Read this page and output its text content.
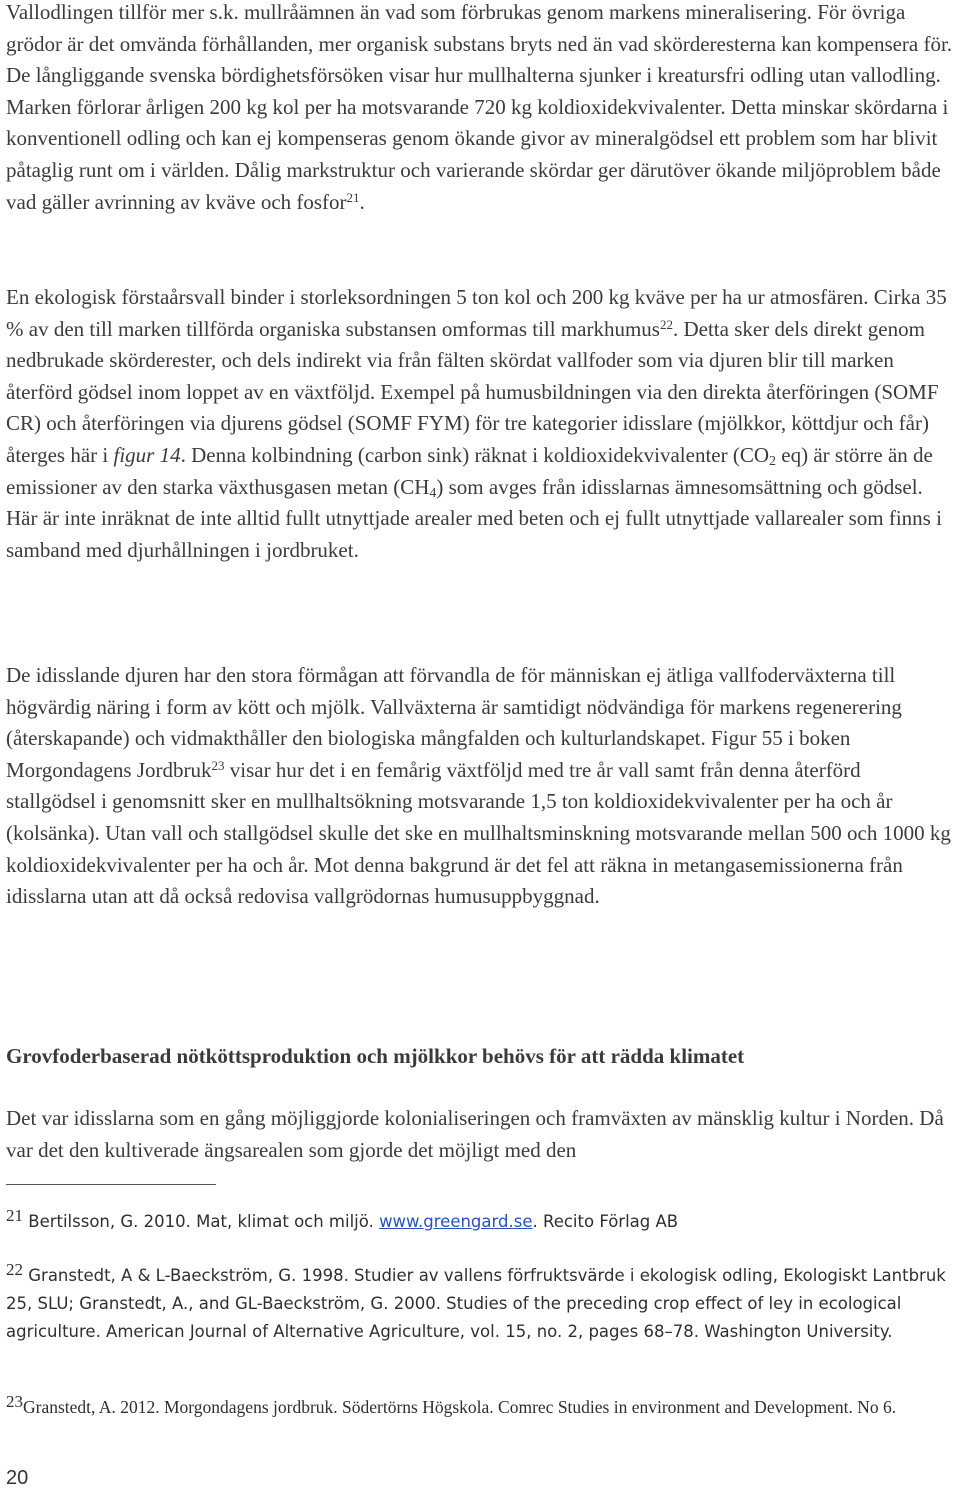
Vallodlingen tillför mer s.k. mullråämnen än vad som förbrukas genom markens mineralisering. För övriga grödor är det omvända förhållanden, mer organisk substans bryts ned än vad skörderesterna kan kompensera för. De långliggande svenska bördighetsförsöken visar hur mullhalterna sjunker i kreatursfri odling utan vallodling. Marken förlorar årligen 200 kg kol per ha motsvarande 720 kg koldioxidekvivalenter. Detta minskar skördarna i konventionell odling och kan ej kompenseras genom ökande givor av mineralgödsel ett problem som har blivit påtaglig runt om i världen. Dålig markstruktur och varierande skördar ger därutöver ökande miljöproblem både vad gäller avrinning av kväve och fosfor$^{21}$.

En ekologisk förstaårsvall binder i storleksordningen 5 ton kol och 200 kg kväve per ha ur atmosfären. Cirka 35 % av den till marken tillförda organiska substansen omformas till markhumus$^{22}$. Detta sker dels direkt genom nedbrukade skörderester, och dels indirekt via från fälten skördat vallfoder som via djuren blir till marken återförd gödsel inom loppet av en växtföljd. Exempel på humusbildningen via den direkta återföringen (SOMF CR) och återföringen via djurens gödsel (SOMF FYM) för tre kategorier idisslare (mjölkkor, köttdjur och får) återges här i figur 14. Denna kolbindning (carbon sink) räknat i koldioxidekvivalenter ($CO_2$ eq) är större än de emissioner av den starka växthusgasen metan $(CH_4)$ som avges från idisslarnas ämnesomsättning och gödsel. Här är inte inräknat de inte alltid fullt utnyttjade arealer med beten och ej fullt utnyttjade vallarealer som finns i samband med djurhållningen i jordbruket.

De idisslande djuren har den stora förmågan att förvandla de för människan ej ätliga vallfoderväxterna till högvärdig näring i form av kött och mjölk. Vallväxterna är samtidigt nödvändiga för markens regenerering (återskapande) och vidmakthåller den biologiska mångfalden och kulturlandskapet. Figur 55 i boken Morgondagens Jordbruk$^{23}$ visar hur det i en femårig växtföljd med tre år vall samt från denna återförd stallgödsel i genomsnitt sker en mullhaltsökning motsvarande 1,5 ton koldioxidekvivalenter per ha och år (kolsänka). Utan vall och stallgödsel skulle det ske en mullhaltsminskning motsvarande mellan 500 och 1000 kg koldioxidekvivalenter per ha och år. Mot denna bakgrund är det fel att räkna in metangasemissionerna från idisslarna utan att då också redovisa vallgrödornas humusuppbyggnad.

Grovfoderbaserad nötköttsproduktion och mjölkkor behövs för att rädda klimatet

Det var idisslarna som en gång möjliggjorde kolonialiseringen och framväxten av mänsklig kultur i Norden. Då var det den kultiverade ängsarealen som gjorde det möjligt med den

21 Bertilsson, G. 2010. Mat, klimat och miljö. www.greengard.se. Recito Förlag AB
22 Granstedt, A & L-Baeckström, G. 1998. Studier av vallens förfruktsvärde i ekologisk odling, Ekologiskt Lantbruk 25, SLU; Granstedt, A., and GL-Baeckström, G. 2000. Studies of the preceding crop effect of ley in ecological agriculture. American Journal of Alternative Agriculture, vol. 15, no. 2, pages 68–78. Washington University.
23Granstedt, A. 2012. Morgondagens jordbruk. Södertörns Högskola. Comrec Studies in environment and Development. No 6.

20
